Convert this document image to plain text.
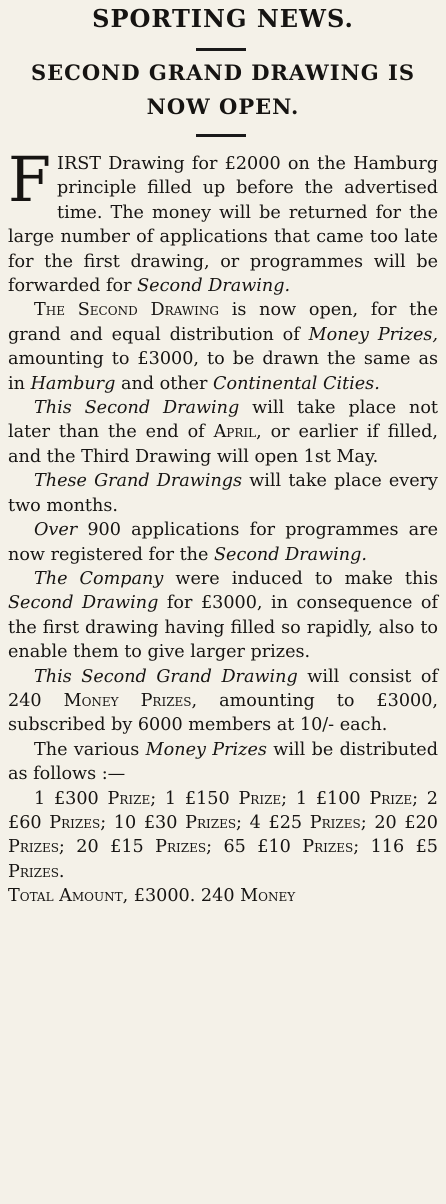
SPORTING NEWS.
SECOND GRAND DRAWING IS
NOW OPEN.

FIRST Drawing for £2000 on the Hamburg principle filled up before the advertised time. The money will be returned for the large number of applications that came too late for the first drawing, or programmes will be forwarded for Second Drawing.

The Second Drawing is now open, for the grand and equal distribution of Money Prizes, amounting to £3000, to be drawn the same as in Hamburg and other Continental Cities.

This Second Drawing will take place not later than the end of April, or earlier if filled, and the Third Drawing will open 1st May.

These Grand Drawings will take place every two months.

Over 900 applications for programmes are now registered for the Second Drawing.

The Company were induced to make this Second Drawing for £3000, in consequence of the first drawing having filled so rapidly, also to enable them to give larger prizes.

This Second Grand Drawing will consist of 240 Money Prizes, amounting to £3000, subscribed by 6000 members at 10/- each.

The various Money Prizes will be distributed as follows :—

1 £300 Prize; 1 £150 Prize; 1 £100 Prize; 2 £60 Prizes; 10 £30 Prizes; 4 £25 Prizes; 20 £20 Prizes; 20 £15 Prizes; 65 £10 Prizes; 116 £5 Prizes.

Total Amount, £3000. 240 Money
